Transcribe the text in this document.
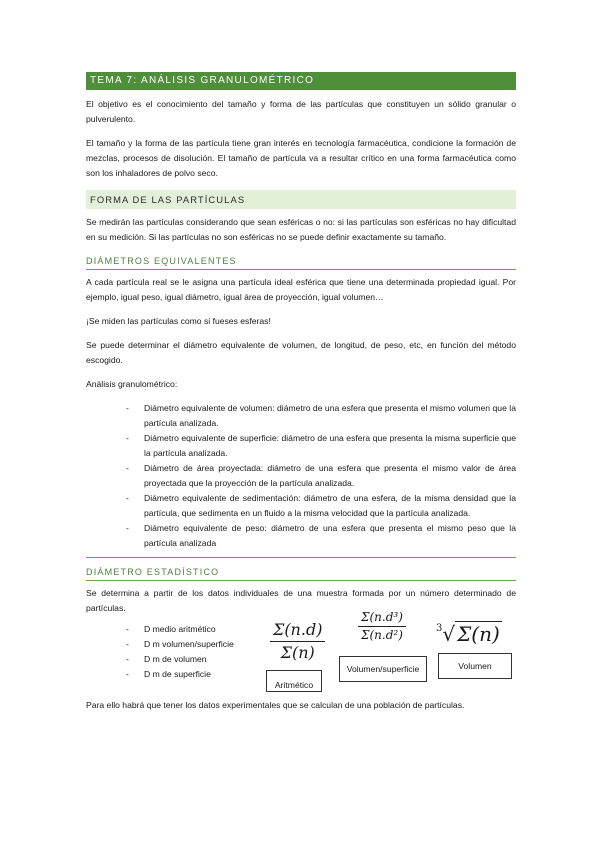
TEMA 7: ANÁLISIS GRANULOMÉTRICO

El objetivo es el conocimiento del tamaño y forma de las partículas que constituyen un sólido granular o pulverulento.

El tamaño y la forma de las partícula tiene gran interés en tecnología farmacéutica, condicione la formación de mezclas, procesos de disolución. El tamaño de partícula va a resultar crítico en una forma farmacéutica como son los inhaladores de polvo seco.

FORMA DE LAS PARTÍCULAS

Se medirán las partículas considerando que sean esféricas o no: si las partículas son esféricas no hay dificultad en su medición. Si las partículas no son esféricas no se puede definir exactamente su tamaño.

DIÁMETROS EQUIVALENTES

A cada partícula real se le asigna una partícula ideal esférica que tiene una determinada propiedad igual. Por ejemplo, igual peso, igual diámetro, igual área de proyección, igual volumen…

¡Se miden las partículas como si fueses esferas!

Se puede determinar el diámetro equivalente de volumen, de longitud, de peso, etc, en función del método escogido.

Análisis granulométrico:

- Diámetro equivalente de volumen: diámetro de una esfera que presenta el mismo volumen que la partícula analizada.
- Diámetro equivalente de superficie: diámetro de una esfera que presenta la misma superficie que la partícula analizada.
- Diámetro de área proyectada: diámetro de una esfera que presenta el mismo valor de área proyectada que la proyección de la partícula analizada.
- Diámetro equivalente de sedimentación: diámetro de una esfera, de la misma densidad que la partícula, que sedimenta en un fluido a la misma velocidad que la partícula analizada.
- Diámetro equivalente de peso: diámetro de una esfera que presenta el mismo peso que la partícula analizada
DIÁMETRO ESTADÍSTICO

Se determina a partir de los datos individuales de una muestra formada por un número determinado de partículas.

- D medio aritmético
- D m volumen/superficie
- D m de volumen
- D m de superficie
$\frac{\Sigma(n.d)}{\Sigma(n)}$	$\frac{\text{Σ(n.d³)}}{\text{Σ(n.d²)}}$	$^3$√ Σ(n)
Aritmético
Volumen/superficie	Volumen

Para ello habrá que tener los datos experimentales que se calculan de una población de partículas.
